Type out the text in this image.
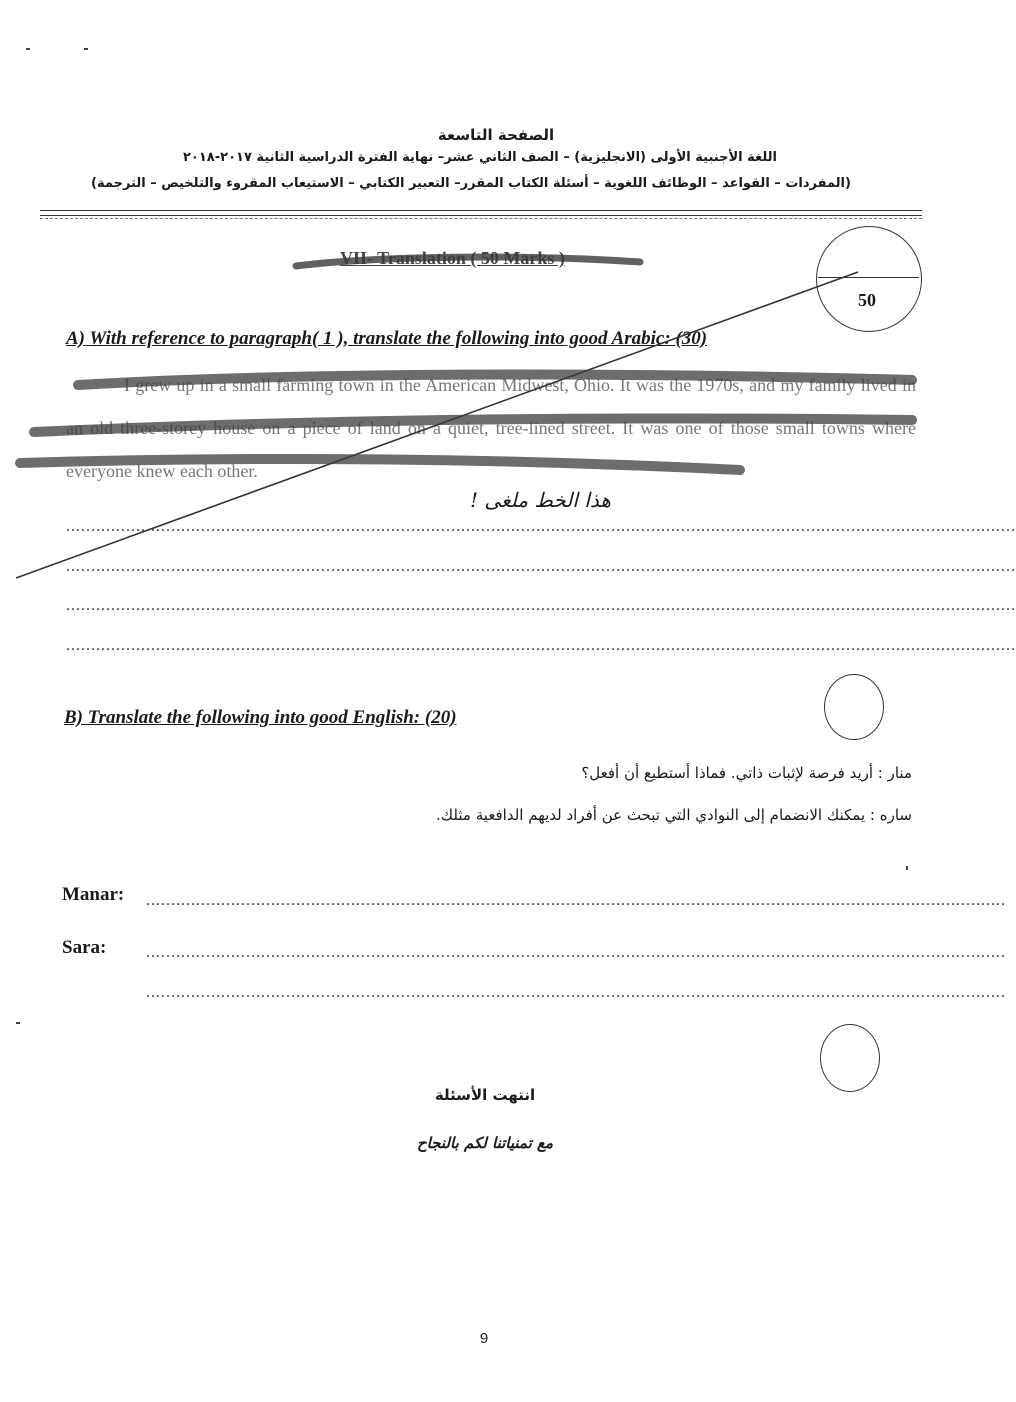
الصفحة التاسعة
اللغة الأجنبية الأولى (الانجليزية) – الصف الثاني عشر– نهاية الفترة الدراسية الثانية ٢٠١٧-٢٠١٨
(المفردات – القواعد – الوظائف اللغوية – أسئلة الكتاب المقرر– التعبير الكتابي – الاستيعاب المقروء والتلخيص – الترجمة)
VII- Translation ( 50 Marks )
50
A) With reference to paragraph( 1 ), translate the following into good Arabic: (30)
I grew up in a small farming town in the American Midwest, Ohio. It was the 1970s, and my family lived in an old three-storey house on a piece of land on a quiet, tree-lined street. It was one of those small towns where everyone knew each other.
هذا الخط ملغى !
..............................................................................................................................................................................................
..............................................................................................................................................................................................
..............................................................................................................................................................................................
..............................................................................................................................................................................................
B) Translate the following into good English: (20)
منار : أريد فرصة لإثبات ذاتي. فماذا أستطيع أن أفعل؟
ساره : يمكنك الانضمام إلى النوادي التي تبحث عن أفراد لديهم الدافعية مثلك.
Manar: ............................................................................................................................................................................
Sara: ............................................................................................................................................................................
............................................................................................................................................................................
انتهت الأسئلة
مع تمنياتنا لكم بالنجاح
9
